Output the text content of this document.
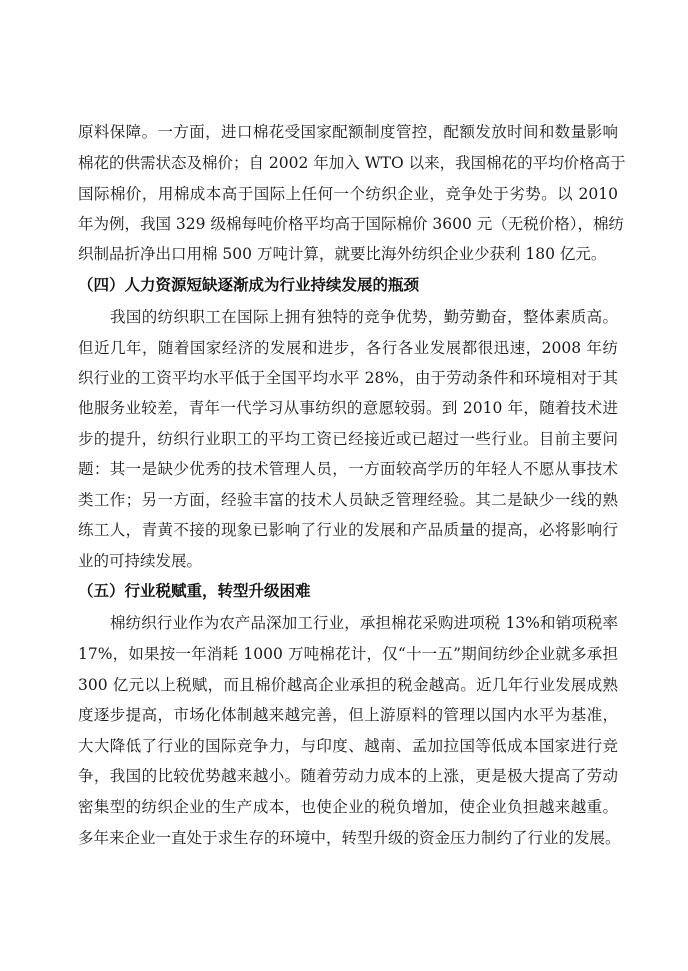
原料保障。一方面，进口棉花受国家配额制度管控，配额发放时间和数量影响
棉花的供需状态及棉价；自 2002 年加入 WTO 以来，我国棉花的平均价格高于
国际棉价，用棉成本高于国际上任何一个纺织企业，竞争处于劣势。以 2010
年为例，我国 329 级棉每吨价格平均高于国际棉价 3600 元（无税价格），棉纺
织制品折净出口用棉 500 万吨计算，就要比海外纺织企业少获利 180 亿元。
（四）人力资源短缺逐渐成为行业持续发展的瓶颈
我国的纺织职工在国际上拥有独特的竞争优势，勤劳勤奋，整体素质高。
但近几年，随着国家经济的发展和进步，各行各业发展都很迅速，2008 年纺
织行业的工资平均水平低于全国平均水平 28%，由于劳动条件和环境相对于其
他服务业较差，青年一代学习从事纺织的意愿较弱。到 2010 年，随着技术进
步的提升，纺织行业职工的平均工资已经接近或已超过一些行业。目前主要问
题：其一是缺少优秀的技术管理人员，一方面较高学历的年轻人不愿从事技术
类工作；另一方面，经验丰富的技术人员缺乏管理经验。其二是缺少一线的熟
练工人，青黄不接的现象已影响了行业的发展和产品质量的提高，必将影响行
业的可持续发展。
（五）行业税赋重，转型升级困难
棉纺织行业作为农产品深加工行业，承担棉花采购进项税 13%和销项税率
17%，如果按一年消耗 1000 万吨棉花计，仅“十一五”期间纺纱企业就多承担
300 亿元以上税赋，而且棉价越高企业承担的税金越高。近几年行业发展成熟
度逐步提高，市场化体制越来越完善，但上游原料的管理以国内水平为基准，
大大降低了行业的国际竞争力，与印度、越南、孟加拉国等低成本国家进行竞
争，我国的比较优势越来越小。随着劳动力成本的上涨，更是极大提高了劳动
密集型的纺织企业的生产成本，也使企业的税负增加，使企业负担越来越重。
多年来企业一直处于求生存的环境中，转型升级的资金压力制约了行业的发展。
